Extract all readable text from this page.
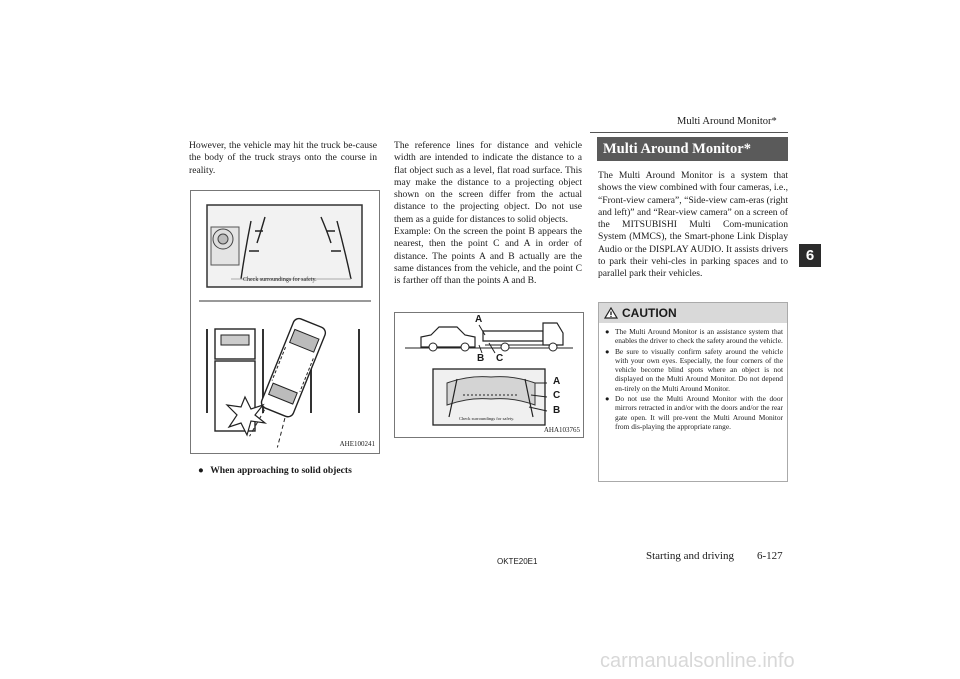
Multi Around Monitor*
6

However, the vehicle may hit the truck be-cause the body of the truck strays onto the course in reality.

Check surroundings for safety.
AHE100241
● When approaching to solid objects

The reference lines for distance and vehicle width are intended to indicate the distance to a flat object such as a level, flat road surface. This may make the distance to a projecting object shown on the screen differ from the actual distance to the projecting object. Do not use them as a guide for distances to solid objects.

Example: On the screen the point B appears the nearest, then the point C and A in order of distance. The points A and B actually are the same distances from the vehicle, and the point C is farther off than the points A and B.

A
B C
A
C
B
Check surroundings for safety.
AHA103765
Multi Around Monitor*

The Multi Around Monitor is a system that shows the view combined with four cameras, i.e., “Front-view camera”, “Side-view cam-eras (right and left)” and “Rear-view camera” on a screen of the MITSUBISHI Multi Com-munication System (MMCS), the Smart-phone Link Display Audio or the DISPLAY AUDIO. It assists drivers to park their vehi-cles in parking spaces and to parallel park their vehicles.

CAUTION
● The Multi Around Monitor is an assistance system that enables the driver to check the safety around the vehicle.
● Be sure to visually confirm safety around the vehicle with your own eyes. Especially, the four corners of the vehicle become blind spots where an object is not displayed on the Multi Around Monitor. Do not depend en-tirely on the Multi Around Monitor.
● Do not use the Multi Around Monitor with the door mirrors retracted in and/or with the doors and/or the rear gate open. It will pre-vent the Multi Around Monitor from dis-playing the appropriate range.
OKTE20E1	Starting and driving 6-127
carmanualsonline.info
